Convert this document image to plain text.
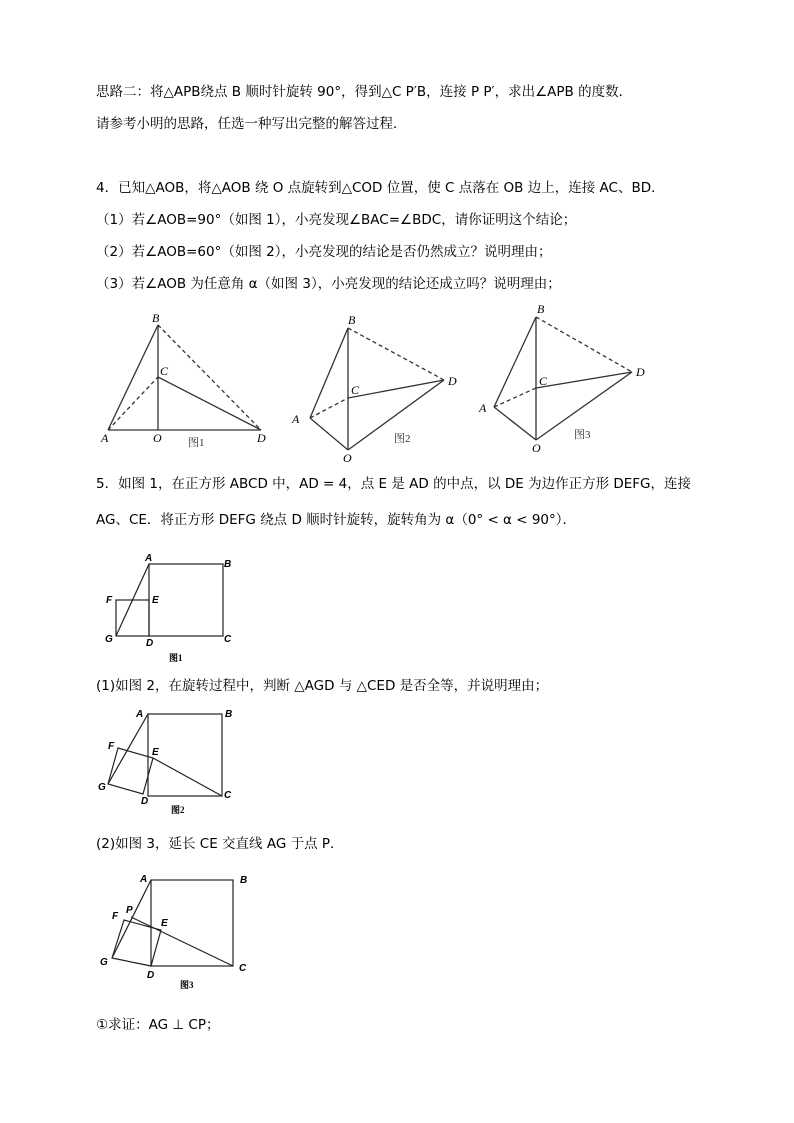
思路二：将△APB绕点 B 顺时针旋转 90°，得到△C P′B，连接 P P′，求出∠APB 的度数．
请参考小明的思路，任选一种写出完整的解答过程．
4．已知△AOB，将△AOB 绕 O 点旋转到△COD 位置，使 C 点落在 OB 边上，连接 AC、BD．
（1）若∠AOB=90°（如图 1），小亮发现∠BAC=∠BDC，请你证明这个结论；
（2）若∠AOB=60°（如图 2），小亮发现的结论是否仍然成立？说明理由；
（3）若∠AOB 为任意角 α（如图 3），小亮发现的结论还成立吗？说明理由；
B
C
A	O	D
图1
B
C
A
O
D
图2
B
C
A
O
D
图3
5．如图 1，在正方形 ABCD 中，AD = 4，点 E 是 AD 的中点，以 DE 为边作正方形 DEFG，连接
AG、CE．将正方形 DEFG 绕点 D 顺时针旋转，旋转角为 α（0° < α < 90°）．
A
B
E
F
G	D	C
图1
(1)如图 2，在旋转过程中，判断 △AGD 与 △CED 是否全等，并说明理由；
A	B
E
F
G
D
C
图2
(2)如图 3，延长 CE 交直线 AG 于点 P．
A	B
E
F
P
G
D
C
图3
①求证：AG ⊥ CP；
